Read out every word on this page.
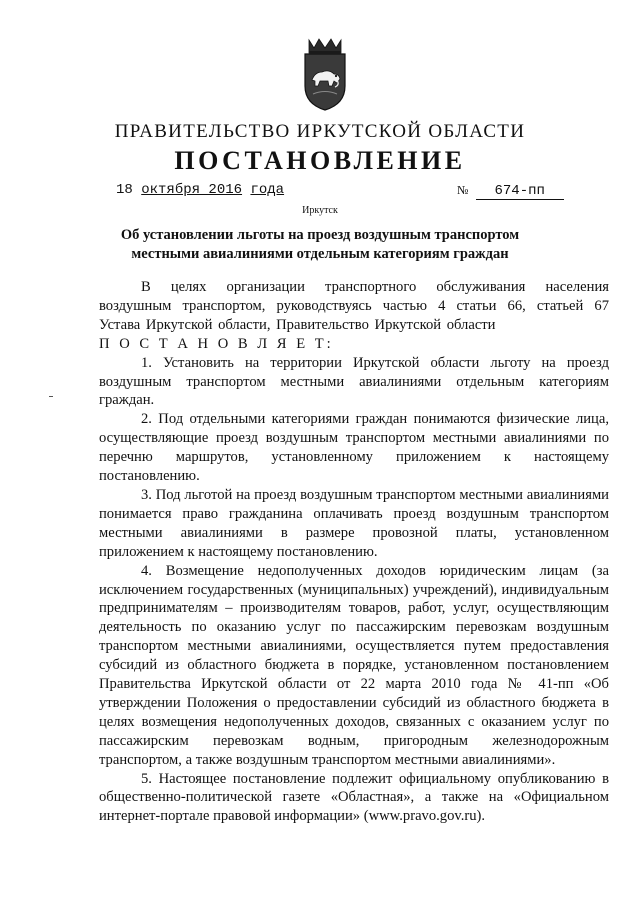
ПРАВИТЕЛЬСТВО ИРКУТСКОЙ ОБЛАСТИ
ПОСТАНОВЛЕНИЕ
18 октября 2016 года	№ 674-пп
Иркутск
Об установлении льготы на проезд воздушным транспортом местными авиалиниями отдельным категориям граждан

В целях организации транспортного обслуживания населения воздушным транспортом, руководствуясь частью 4 статьи 66, статьей 67 Устава Иркутской области, Правительство Иркутской области

П О С Т А Н О В Л Я Е Т:

1. Установить на территории Иркутской области льготу на проезд воздушным транспортом местными авиалиниями отдельным категориям граждан.

2. Под отдельными категориями граждан понимаются физические лица, осуществляющие проезд воздушным транспортом местными авиалиниями по перечню маршрутов, установленному приложением к настоящему постановлению.

3. Под льготой на проезд воздушным транспортом местными авиалиниями понимается право гражданина оплачивать проезд воздушным транспортом местными авиалиниями в размере провозной платы, установленном приложением к настоящему постановлению.

4. Возмещение недополученных доходов юридическим лицам (за исключением государственных (муниципальных) учреждений), индивидуальным предпринимателям – производителям товаров, работ, услуг, осуществляющим деятельность по оказанию услуг по пассажирским перевозкам воздушным транспортом местными авиалиниями, осуществляется путем предоставления субсидий из областного бюджета в порядке, установленном постановлением Правительства Иркутской области от 22 марта 2010 года № 41-пп «Об утверждении Положения о предоставлении субсидий из областного бюджета в целях возмещения недополученных доходов, связанных с оказанием услуг по пассажирским перевозкам водным, пригородным железнодорожным транспортом, а также воздушным транспортом местными авиалиниями».

5. Настоящее постановление подлежит официальному опубликованию в общественно-политической газете «Областная», а также на «Официальном интернет-портале правовой информации» (www.pravo.gov.ru).
